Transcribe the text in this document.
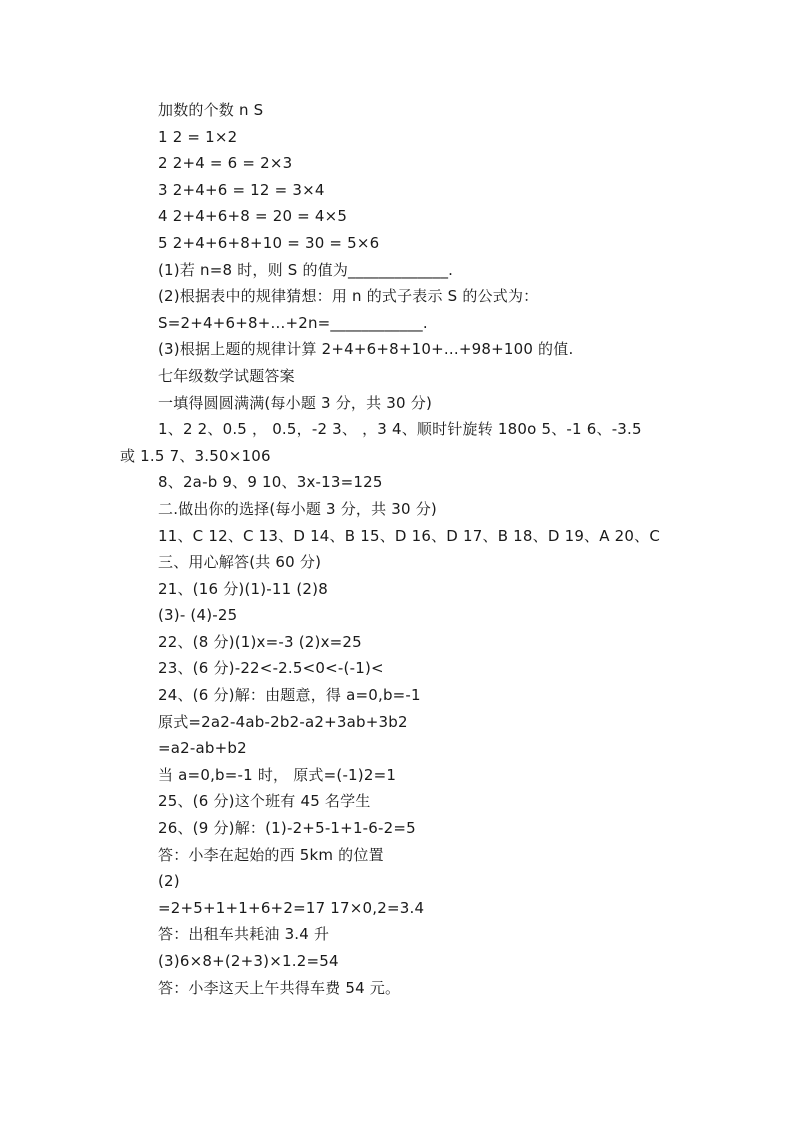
加数的个数 n S
1 2 = 1×2
2 2+4 = 6 = 2×3
3 2+4+6 = 12 = 3×4
4 2+4+6+8 = 20 = 4×5
5 2+4+6+8+10 = 30 = 5×6
(1)若 n=8 时，则 S 的值为_____________.
(2)根据表中的规律猜想：用 n 的式子表示 S 的公式为：
S=2+4+6+8+...+2n=____________.
(3)根据上题的规律计算 2+4+6+8+10+...+98+100 的值.
七年级数学试题答案
一填得圆圆满满(每小题 3 分，共 30 分)
1、2 2、0.5 ， 0.5，-2 3、 ，3 4、顺时针旋转 180o 5、-1 6、-3.5
或 1.5 7、3.50×106
8、2a-b 9、9 10、3x-13=125
二.做出你的选择(每小题 3 分，共 30 分)
11、C 12、C 13、D 14、B 15、D 16、D 17、B 18、D 19、A 20、C
三、用心解答(共 60 分)
21、(16 分)(1)-11 (2)8
(3)- (4)-25
22、(8 分)(1)x=-3 (2)x=25
23、(6 分)-22<-2.5<0<-(-1)<
24、(6 分)解：由题意，得 a=0,b=-1
原式=2a2-4ab-2b2-a2+3ab+3b2
=a2-ab+b2
当 a=0,b=-1 时， 原式=(-1)2=1
25、(6 分)这个班有 45 名学生
26、(9 分)解：(1)-2+5-1+1-6-2=5
答：小李在起始的西 5km 的位置
(2)
=2+5+1+1+6+2=17 17×0,2=3.4
答：出租车共耗油 3.4 升
(3)6×8+(2+3)×1.2=54
答：小李这天上午共得车费 54 元。
